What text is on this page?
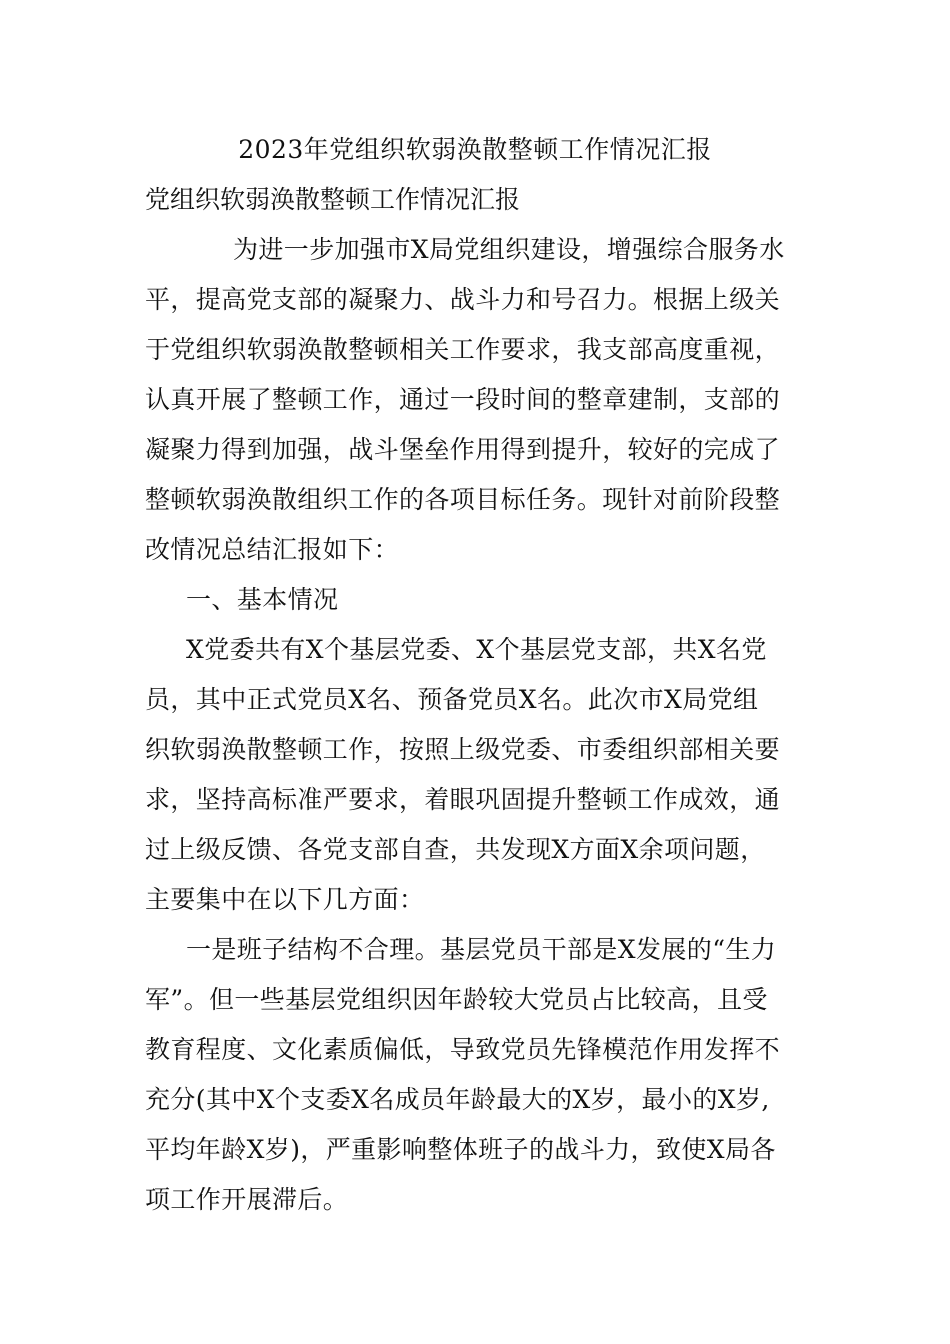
2023年党组织软弱涣散整顿工作情况汇报
党组织软弱涣散整顿工作情况汇报
为进一步加强市X局党组织建设，增强综合服务水
平，提高党支部的凝聚力、战斗力和号召力。根据上级关
于党组织软弱涣散整顿相关工作要求，我支部高度重视，
认真开展了整顿工作，通过一段时间的整章建制，支部的
凝聚力得到加强，战斗堡垒作用得到提升，较好的完成了
整顿软弱涣散组织工作的各项目标任务。现针对前阶段整
改情况总结汇报如下：
一、基本情况
X党委共有X个基层党委、X个基层党支部，共X名党
员，其中正式党员X名、预备党员X名。此次市X局党组
织软弱涣散整顿工作，按照上级党委、市委组织部相关要
求，坚持高标准严要求，着眼巩固提升整顿工作成效，通
过上级反馈、各党支部自查，共发现X方面X余项问题，
主要集中在以下几方面：
一是班子结构不合理。基层党员干部是X发展的“生力
军”。但一些基层党组织因年龄较大党员占比较高，且受
教育程度、文化素质偏低，导致党员先锋模范作用发挥不
充分(其中X个支委X名成员年龄最大的X岁，最小的X岁,
平均年龄X岁)，严重影响整体班子的战斗力，致使X局各
项工作开展滞后。
